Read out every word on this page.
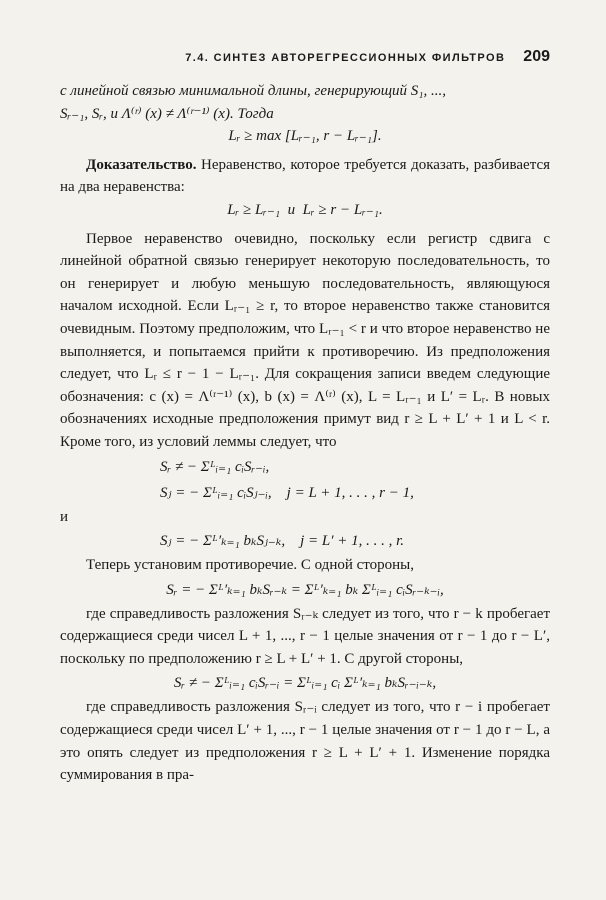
7.4. СИНТЕЗ АВТОРЕГРЕССИОННЫХ ФИЛЬТРОВ 209

с линейной связью минимальной длины, генерирующий S₁, ...,

Sᵣ₋₁, Sᵣ, и Λ⁽ʳ⁾ (x) ≠ Λ⁽ʳ⁻¹⁾ (x). Тогда

Lᵣ ≥ max [Lᵣ₋₁, r − Lᵣ₋₁].

Доказательство. Неравенство, которое требуется доказать, разбивается на два неравенства:

Lᵣ ≥ Lᵣ₋₁  и  Lᵣ ≥ r − Lᵣ₋₁.

Первое неравенство очевидно, поскольку если регистр сдвига с линейной обратной связью генерирует некоторую последовательность, то он генерирует и любую меньшую последовательность, являющуюся началом исходной. Если Lᵣ₋₁ ≥ r, то второе неравенство также становится очевидным. Поэтому предположим, что Lᵣ₋₁ < r и что второе неравенство не выполняется, и попытаемся прийти к противоречию. Из предположения следует, что Lᵣ ≤ r − 1 − Lᵣ₋₁. Для сокращения записи введем следующие обозначения: c (x) = Λ⁽ʳ⁻¹⁾ (x), b (x) = Λ⁽ʳ⁾ (x), L = Lᵣ₋₁ и L′ = Lᵣ. В новых обозначениях исходные предположения примут вид r ≥ L + L′ + 1 и L < r. Кроме того, из условий леммы следует, что

Sᵣ ≠ − Σᴸᵢ₌₁ cᵢSᵣ₋ᵢ,

Sⱼ = − Σᴸᵢ₌₁ cᵢSⱼ₋ᵢ,    j = L + 1, . . . , r − 1,

и

Sⱼ = − Σᴸ′ₖ₌₁ bₖSⱼ₋ₖ,    j = L′ + 1, . . . , r.

Теперь установим противоречие. С одной стороны,

Sᵣ = − Σᴸ′ₖ₌₁ bₖSᵣ₋ₖ = Σᴸ′ₖ₌₁ bₖ Σᴸᵢ₌₁ cᵢSᵣ₋ₖ₋ᵢ,

где справедливость разложения Sᵣ₋ₖ следует из того, что r − k пробегает содержащиеся среди чисел L + 1, ..., r − 1 целые значения от r − 1 до r − L′, поскольку по предположению r ≥ L + L′ + 1. С другой стороны,

Sᵣ ≠ − Σᴸᵢ₌₁ cᵢSᵣ₋ᵢ = Σᴸᵢ₌₁ cᵢ Σᴸ′ₖ₌₁ bₖSᵣ₋ᵢ₋ₖ,

где справедливость разложения Sᵣ₋ᵢ следует из того, что r − i пробегает содержащиеся среди чисел L′ + 1, ..., r − 1 целые значения от r − 1 до r − L, а это опять следует из предположения r ≥ L + L′ + 1. Изменение порядка суммирования в пра-
